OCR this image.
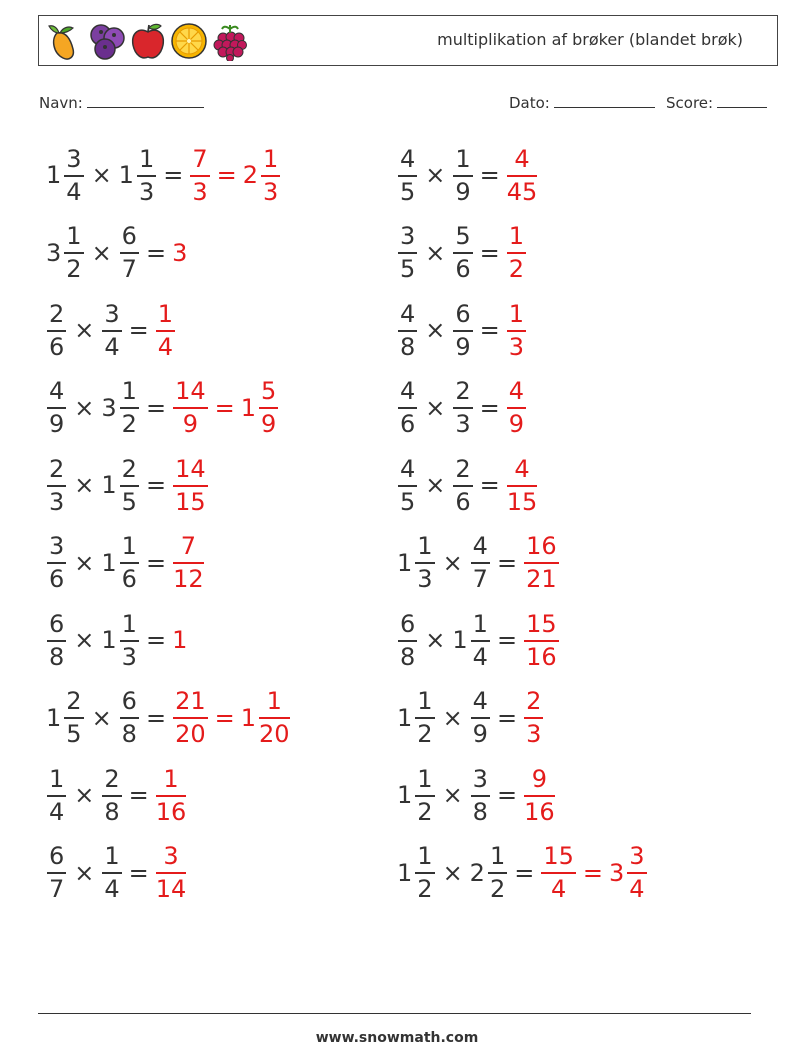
multiplikation af brøker (blandet brøk)
Navn:	Dato:	Score:
$1 \frac{3}{4} \times 1 \frac{1}{3} = \frac{7}{3} = 2 \frac{1}{3}$	$\frac{4}{5} \times \frac{1}{9} = \frac{4}{45}$
$3 \frac{1}{2} \times \frac{6}{7} = 3$	$\frac{3}{5} \times \frac{5}{6} = \frac{1}{2}$
$\frac{2}{6} \times \frac{3}{4} = \frac{1}{4}$	$\frac{4}{8} \times \frac{6}{9} = \frac{1}{3}$
$\frac{4}{9} \times 3 \frac{1}{2} = \frac{14}{9} = 1 \frac{5}{9}$	$\frac{4}{6} \times \frac{2}{3} = \frac{4}{9}$
$\frac{2}{3} \times 1 \frac{2}{5} = \frac{14}{15}$	$\frac{4}{5} \times \frac{2}{6} = \frac{4}{15}$
$\frac{3}{6} \times 1 \frac{1}{6} = \frac{7}{12}$	$1 \frac{1}{3} \times \frac{4}{7} = \frac{16}{21}$
$\frac{6}{8} \times 1 \frac{1}{3} = 1$	$\frac{6}{8} \times 1 \frac{1}{4} = \frac{15}{16}$
$1 \frac{2}{5} \times \frac{6}{8} = \frac{21}{20} = 1 \frac{1}{20}$	$1 \frac{1}{2} \times \frac{4}{9} = \frac{2}{3}$
$\frac{1}{4} \times \frac{2}{8} = \frac{1}{16}$	$1 \frac{1}{2} \times \frac{3}{8} = \frac{9}{16}$
$\frac{6}{7} \times \frac{1}{4} = \frac{3}{14}$	$1 \frac{1}{2} \times 2 \frac{1}{2} = \frac{15}{4} = 3 \frac{3}{4}$
www.snowmath.com
